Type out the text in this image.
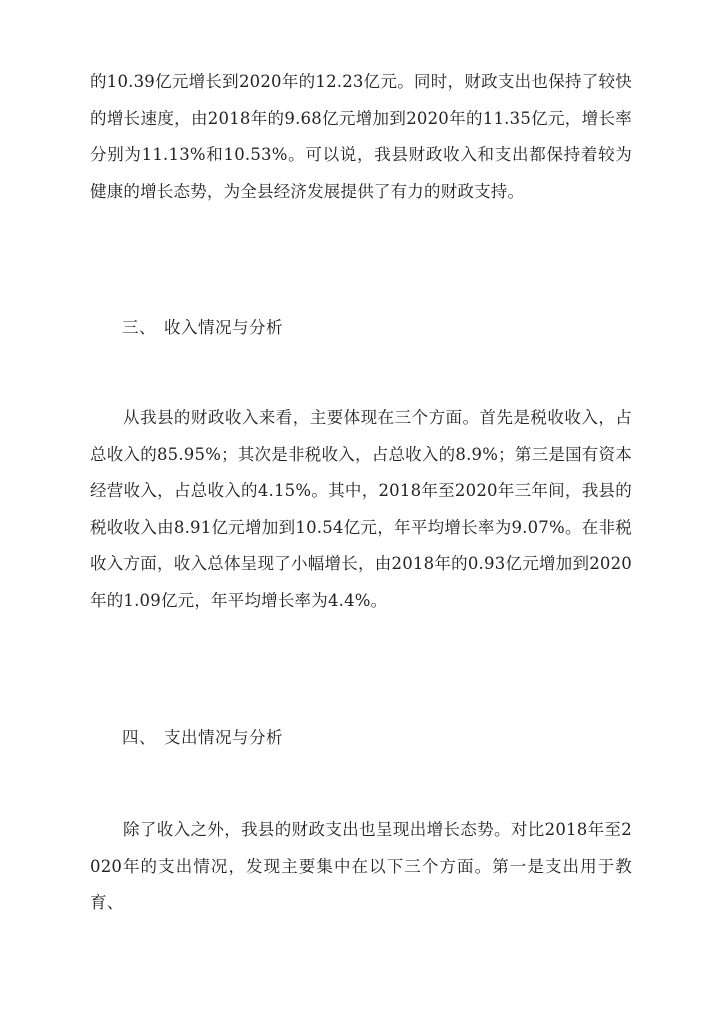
的10.39亿元增长到2020年的12.23亿元。同时，财政支出也保持了较快的增长速度，由2018年的9.68亿元增加到2020年的11.35亿元，增长率分别为11.13%和10.53%。可以说，我县财政收入和支出都保持着较为健康的增长态势，为全县经济发展提供了有力的财政支持。

三、 收入情况与分析

从我县的财政收入来看，主要体现在三个方面。首先是税收收入，占总收入的85.95%；其次是非税收入，占总收入的8.9%；第三是国有资本经营收入，占总收入的4.15%。其中，2018年至2020年三年间，我县的税收收入由8.91亿元增加到10.54亿元，年平均增长率为9.07%。在非税收入方面，收入总体呈现了小幅增长，由2018年的0.93亿元增加到2020年的1.09亿元，年平均增长率为4.4%。

四、 支出情况与分析

除了收入之外，我县的财政支出也呈现出增长态势。对比2018年至2020年的支出情况，发现主要集中在以下三个方面。第一是支出用于教育、
